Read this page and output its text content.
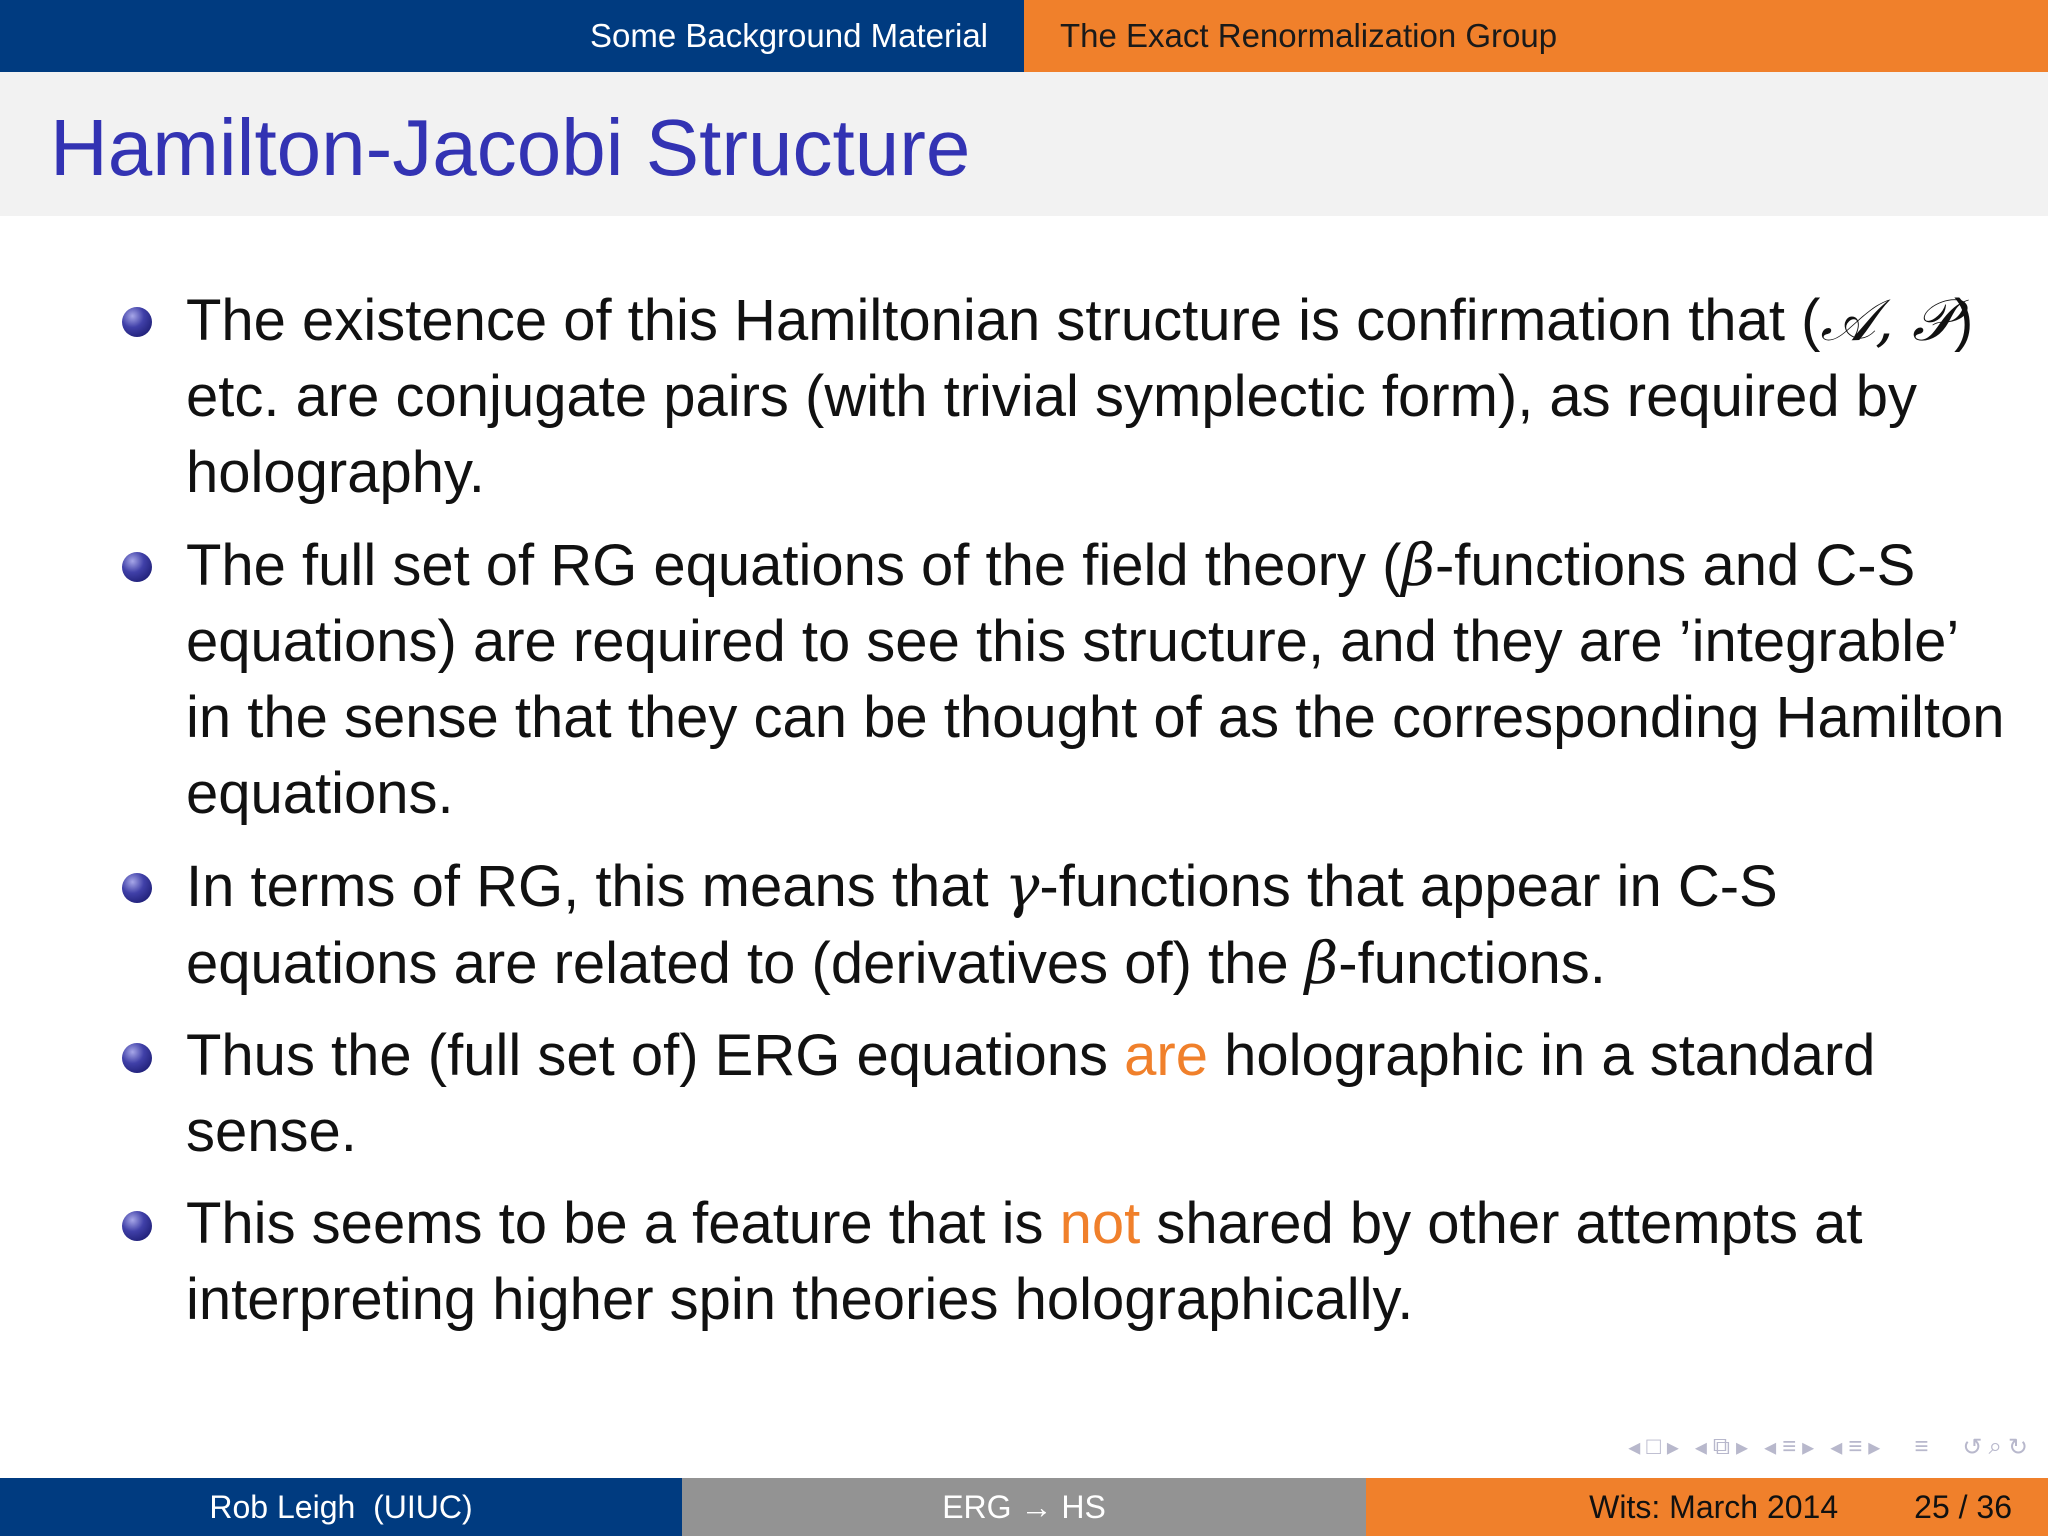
Some Background Material	The Exact Renormalization Group
Hamilton-Jacobi Structure
The existence of this Hamiltonian structure is confirmation that (𝒜, 𝒫) etc. are conjugate pairs (with trivial symplectic form), as required by holography.
The full set of RG equations of the field theory (β-functions and C-S equations) are required to see this structure, and they are ’integrable’ in the sense that they can be thought of as the corresponding Hamilton equations.
In terms of RG, this means that γ-functions that appear in C-S equations are related to (derivatives of) the β-functions.
Thus the (full set of) ERG equations are holographic in a standard sense.
This seems to be a feature that is not shared by other attempts at interpreting higher spin theories holographically.
◂ □ ▸ ◂ ⧉ ▸ ◂ ≡ ▸ ◂ ≡ ▸ ≡ ↺ ⌕ ↻
Rob Leigh  (UIUC)	ERG → HS	Wits: March 2014 25 / 36
